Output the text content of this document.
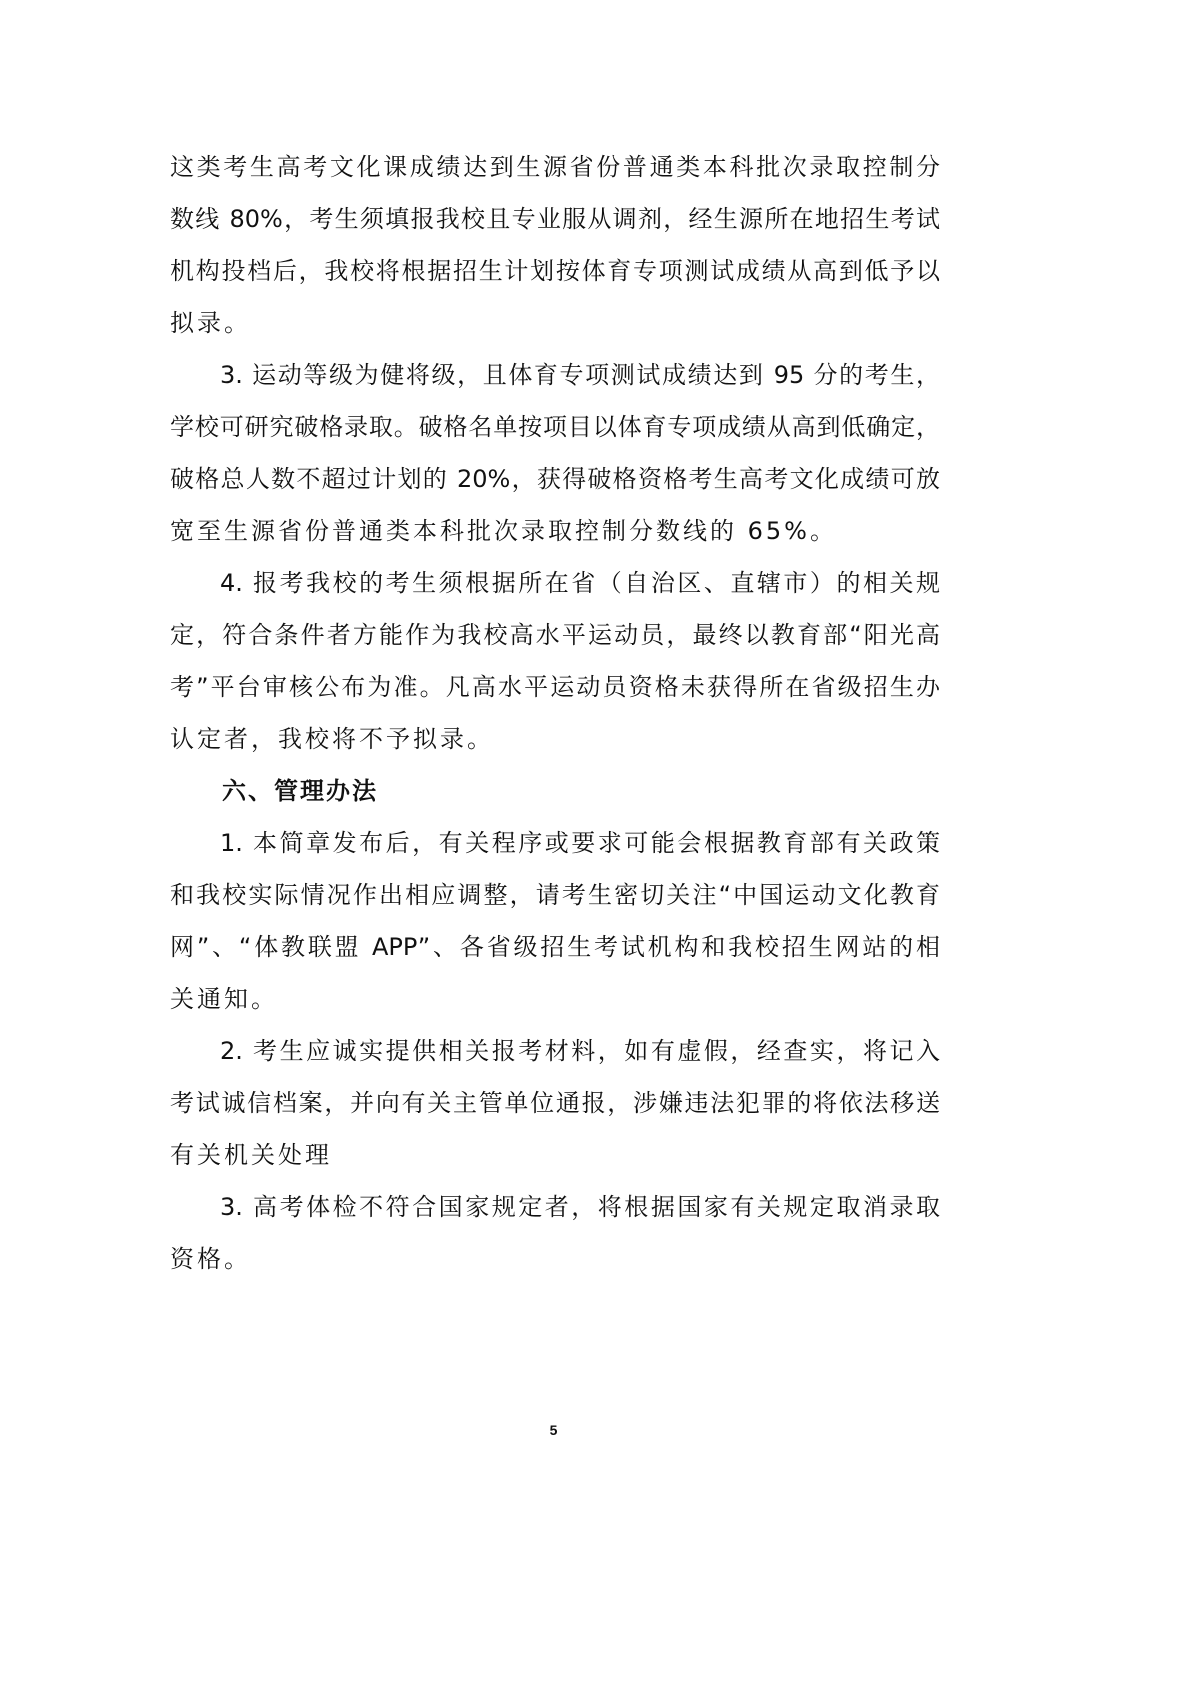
这类考生高考文化课成绩达到生源省份普通类本科批次录取控制分
数线 80%，考生须填报我校且专业服从调剂，经生源所在地招生考试
机构投档后，我校将根据招生计划按体育专项测试成绩从高到低予以
拟录。
3. 运动等级为健将级，且体育专项测试成绩达到 95 分的考生，
学校可研究破格录取。破格名单按项目以体育专项成绩从高到低确定，
破格总人数不超过计划的 20%，获得破格资格考生高考文化成绩可放
宽至生源省份普通类本科批次录取控制分数线的 65%。
4. 报考我校的考生须根据所在省（自治区、直辖市）的相关规
定，符合条件者方能作为我校高水平运动员，最终以教育部“阳光高
考”平台审核公布为准。凡高水平运动员资格未获得所在省级招生办
认定者，我校将不予拟录。
六、管理办法
1. 本简章发布后，有关程序或要求可能会根据教育部有关政策
和我校实际情况作出相应调整，请考生密切关注“中国运动文化教育
网”、“体教联盟 APP”、各省级招生考试机构和我校招生网站的相
关通知。
2. 考生应诚实提供相关报考材料，如有虚假，经查实，将记入
考试诚信档案，并向有关主管单位通报，涉嫌违法犯罪的将依法移送
有关机关处理
3. 高考体检不符合国家规定者，将根据国家有关规定取消录取
资格。
5
